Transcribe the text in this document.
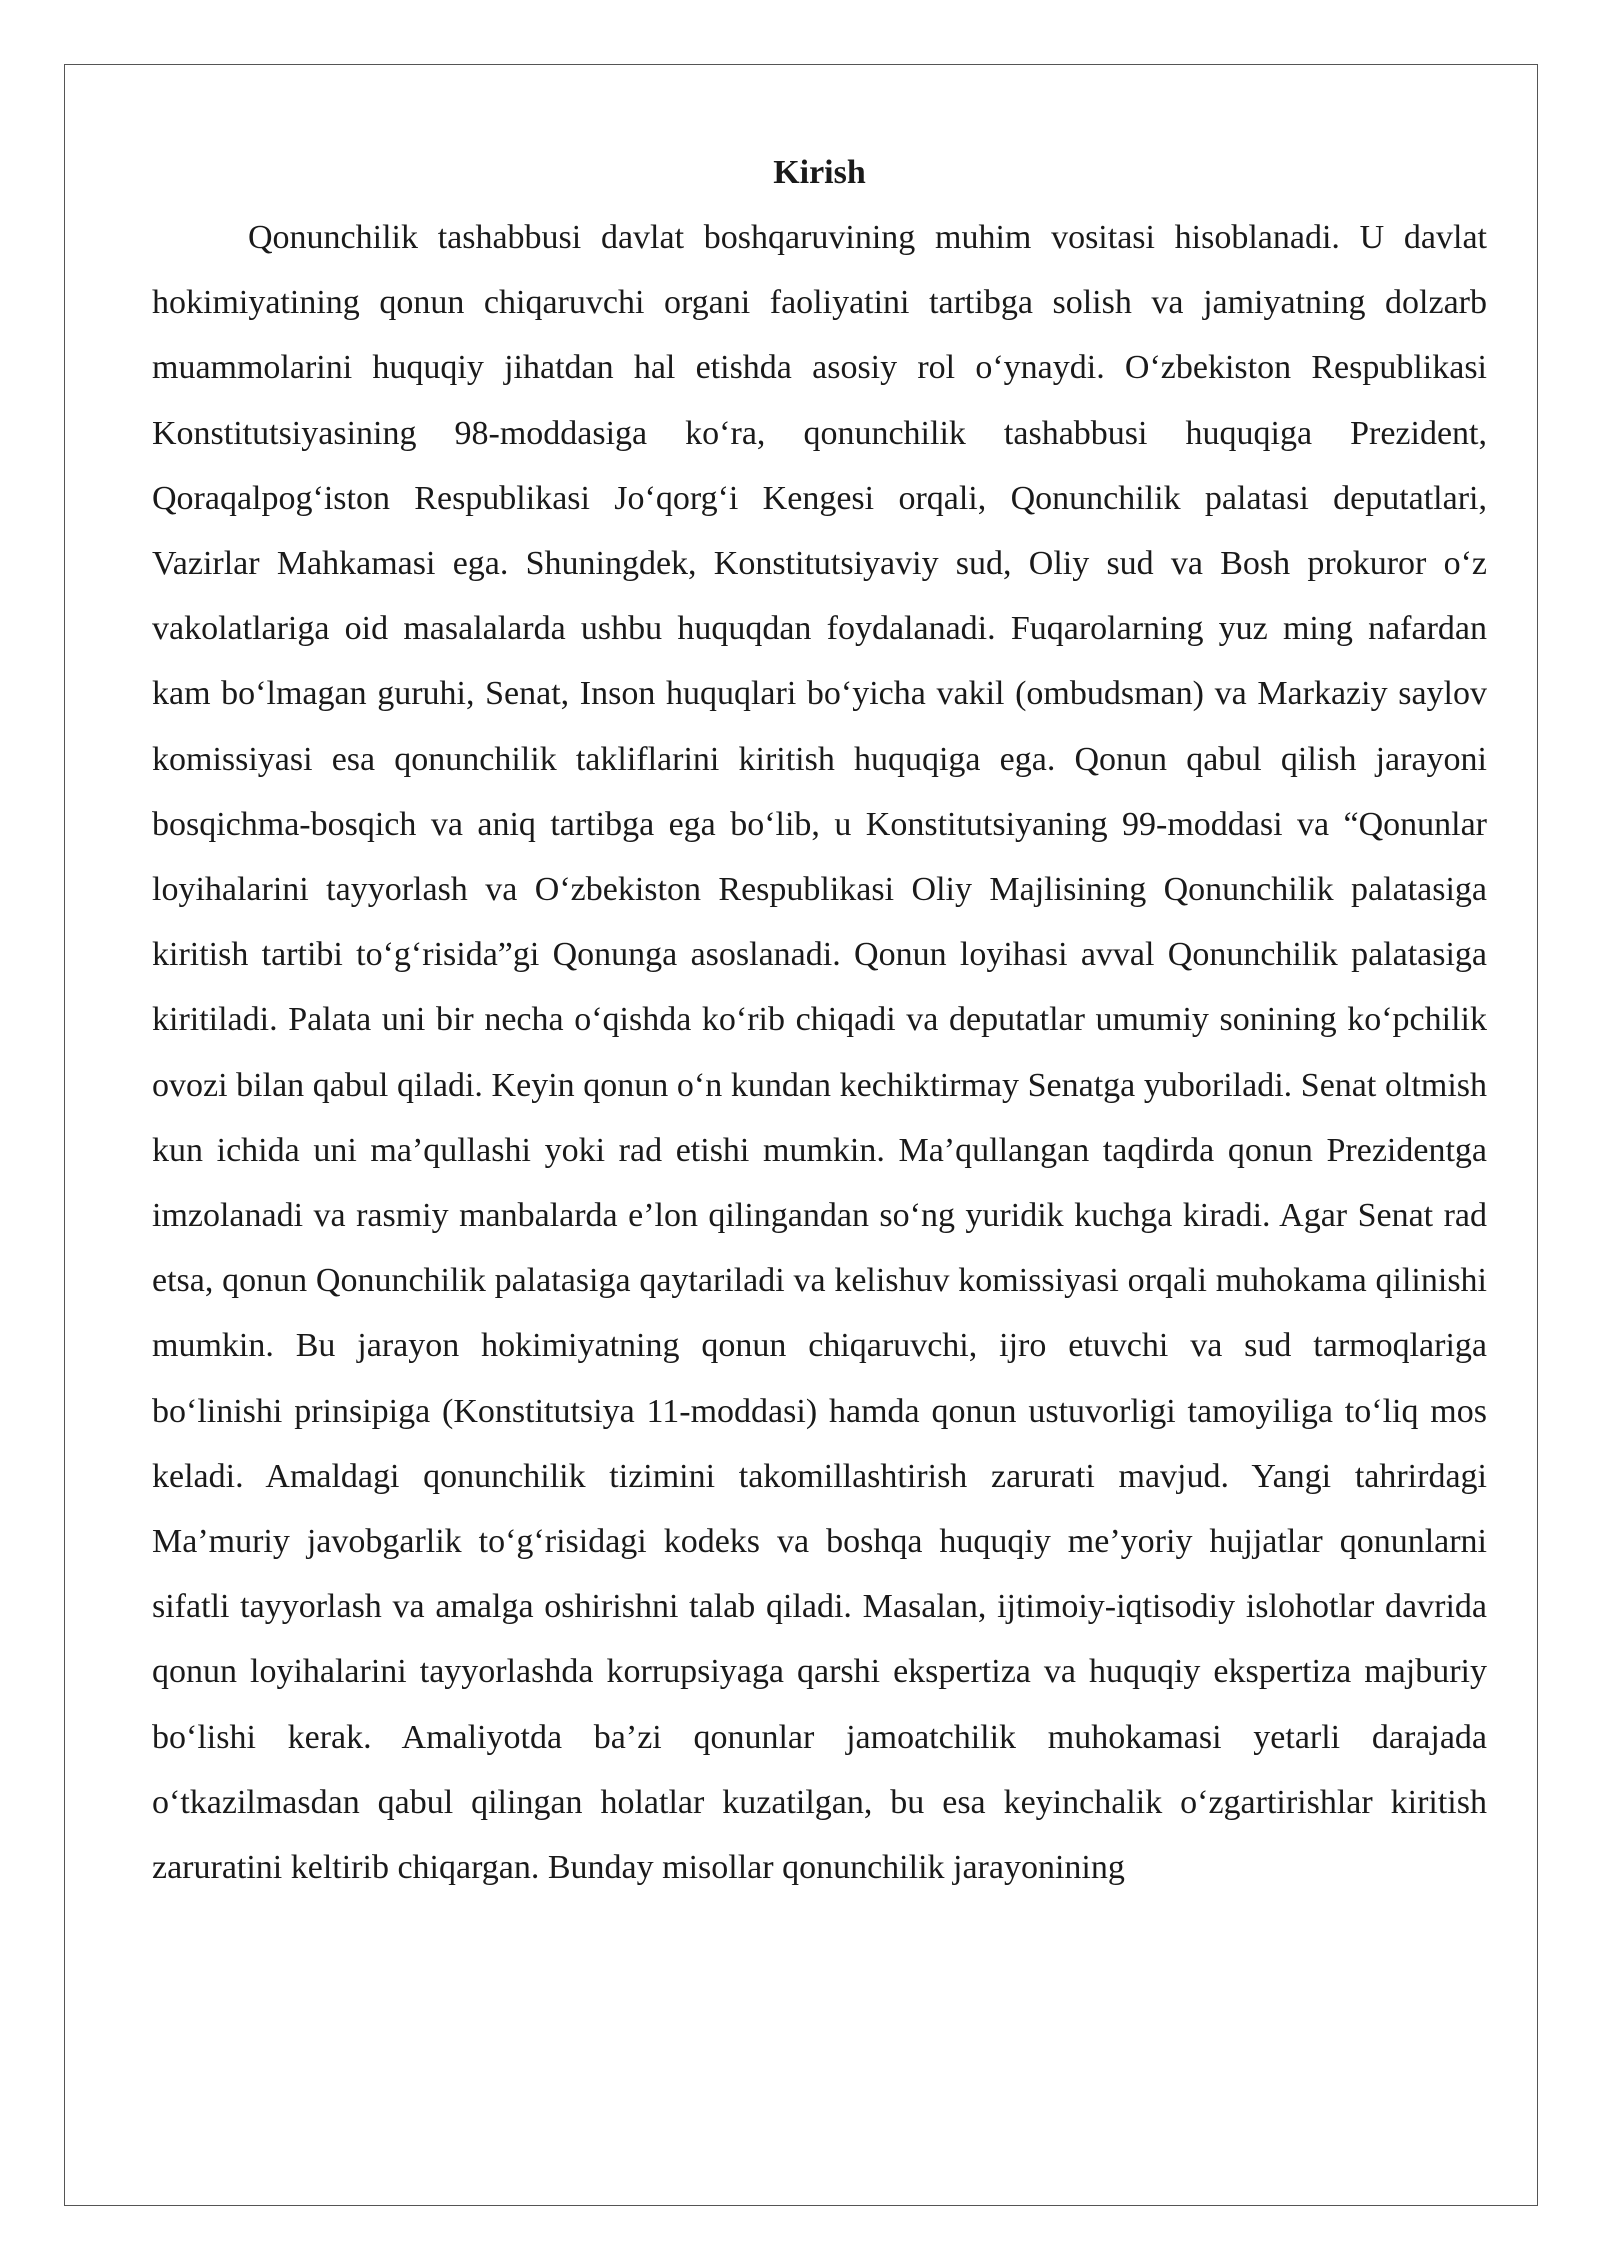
Kirish

Qonunchilik tashabbusi davlat boshqaruvining muhim vositasi hisoblanadi. U davlat hokimiyatining qonun chiqaruvchi organi faoliyatini tartibga solish va jamiyatning dolzarb muammolarini huquqiy jihatdan hal etishda asosiy rol o‘ynaydi. O‘zbekiston Respublikasi Konstitutsiyasining 98-moddasiga ko‘ra, qonunchilik tashabbusi huquqiga Prezident, Qoraqalpog‘iston Respublikasi Jo‘qorg‘i Kengesi orqali, Qonunchilik palatasi deputatlari, Vazirlar Mahkamasi ega. Shuningdek, Konstitutsiyaviy sud, Oliy sud va Bosh prokuror o‘z vakolatlariga oid masalalarda ushbu huquqdan foydalanadi. Fuqarolarning yuz ming nafardan kam bo‘lmagan guruhi, Senat, Inson huquqlari bo‘yicha vakil (ombudsman) va Markaziy saylov komissiyasi esa qonunchilik takliflarini kiritish huquqiga ega. Qonun qabul qilish jarayoni bosqichma-bosqich va aniq tartibga ega bo‘lib, u Konstitutsiyaning 99-moddasi va “Qonunlar loyihalarini tayyorlash va O‘zbekiston Respublikasi Oliy Majlisining Qonunchilik palatasiga kiritish tartibi to‘g‘risida”gi Qonunga asoslanadi. Qonun loyihasi avval Qonunchilik palatasiga kiritiladi. Palata uni bir necha o‘qishda ko‘rib chiqadi va deputatlar umumiy sonining ko‘pchilik ovozi bilan qabul qiladi. Keyin qonun o‘n kundan kechiktirmay Senatga yuboriladi. Senat oltmish kun ichida uni ma’qullashi yoki rad etishi mumkin. Ma’qullangan taqdirda qonun Prezidentga imzolanadi va rasmiy manbalarda e’lon qilingandan so‘ng yuridik kuchga kiradi. Agar Senat rad etsa, qonun Qonunchilik palatasiga qaytariladi va kelishuv komissiyasi orqali muhokama qilinishi mumkin. Bu jarayon hokimiyatning qonun chiqaruvchi, ijro etuvchi va sud tarmoqlariga bo‘linishi prinsipiga (Konstitutsiya 11-moddasi) hamda qonun ustuvorligi tamoyiliga to‘liq mos keladi. Amaldagi qonunchilik tizimini takomillashtirish zarurati mavjud. Yangi tahrirdagi Ma’muriy javobgarlik to‘g‘risidagi kodeks va boshqa huquqiy me’yoriy hujjatlar qonunlarni sifatli tayyorlash va amalga oshirishni talab qiladi. Masalan, ijtimoiy-iqtisodiy islohotlar davrida qonun loyihalarini tayyorlashda korrupsiyaga qarshi ekspertiza va huquqiy ekspertiza majburiy bo‘lishi kerak. Amaliyotda ba’zi qonunlar jamoatchilik muhokamasi yetarli darajada o‘tkazilmasdan qabul qilingan holatlar kuzatilgan, bu esa keyinchalik o‘zgartirishlar kiritish zaruratini keltirib chiqargan. Bunday misollar qonunchilik jarayonining
